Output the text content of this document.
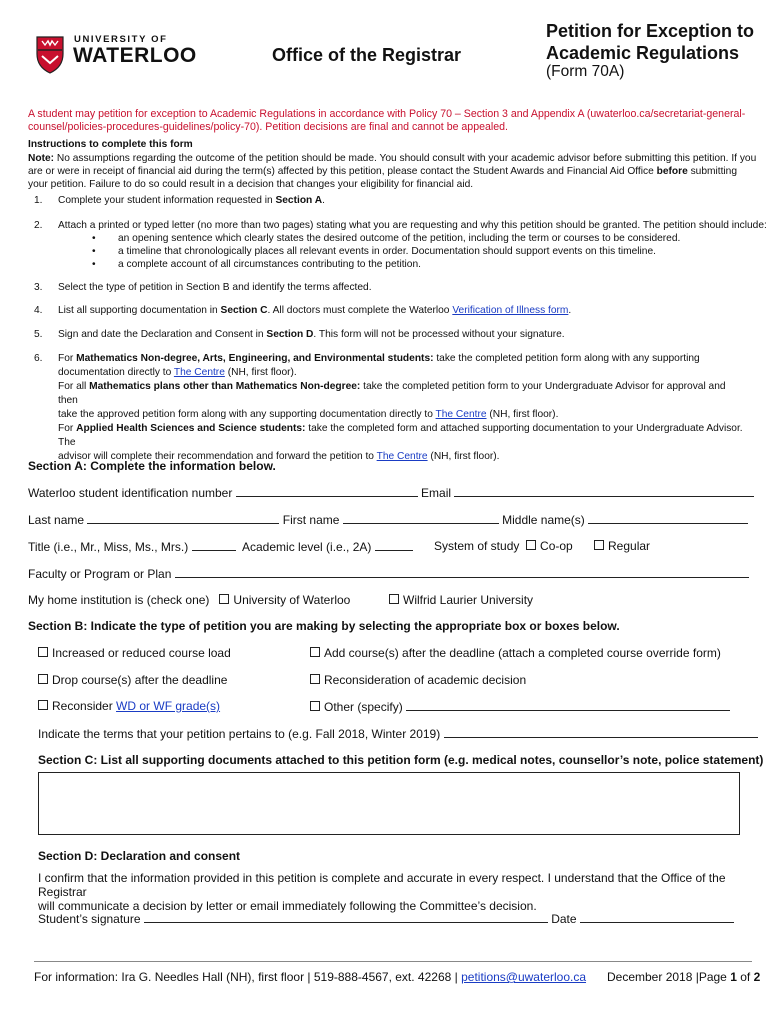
UNIVERSITY OF
WATERLOO	Office of the Registrar
Petition for Exception to
Academic Regulations
(Form 70A)
A student may petition for exception to Academic Regulations in accordance with Policy 70 – Section 3 and Appendix A (uwaterloo.ca/secretariat-general-
counsel/policies-procedures-guidelines/policy-70). Petition decisions are final and cannot be appealed.
Instructions to complete this form
Note: No assumptions regarding the outcome of the petition should be made. You should consult with your academic advisor before submitting this petition. If you
are or were in receipt of financial aid during the term(s) affected by this petition, please contact the Student Awards and Financial Aid Office before submitting
your petition. Failure to do so could result in a decision that changes your eligibility for financial aid.
1. Complete your student information requested in Section A.
2. Attach a printed or typed letter (no more than two pages) stating what you are requesting and why this petition should be granted. The petition should include:
• an opening sentence which clearly states the desired outcome of the petition, including the term or courses to be considered.
• a timeline that chronologically places all relevant events in order. Documentation should support events on this timeline.
• a complete account of all circumstances contributing to the petition.
3. Select the type of petition in Section B and identify the terms affected.
4. List all supporting documentation in Section C. All doctors must complete the Waterloo Verification of Illness form.
5. Sign and date the Declaration and Consent in Section D. This form will not be processed without your signature.
6. For Mathematics Non-degree, Arts, Engineering, and Environmental students: take the completed petition form along with any supporting
documentation directly to The Centre (NH, first floor).
For all Mathematics plans other than Mathematics Non-degree: take the completed petition form to your Undergraduate Advisor for approval and then
take the approved petition form along with any supporting documentation directly to The Centre (NH, first floor).
For Applied Health Sciences and Science students: take the completed form and attached supporting documentation to your Undergraduate Advisor. The
advisor will complete their recommendation and forward the petition to The Centre (NH, first floor).
Section A: Complete the information below.
Waterloo student identification number	Email
Last name	First name	Middle name(s)
Title (i.e., Mr., Miss, Ms., Mrs.)	Academic level (i.e., 2A)	System of study Co-op	Regular
Faculty or Program or Plan
My home institution is (check one) University of Waterloo	Wilfrid Laurier University
Section B: Indicate the type of petition you are making by selecting the appropriate box or boxes below.
Increased or reduced course load	Add course(s) after the deadline (attach a completed course override form)
Drop course(s) after the deadline	Reconsideration of academic decision
Reconsider WD or WF grade(s)	Other (specify)
Indicate the terms that your petition pertains to (e.g. Fall 2018, Winter 2019)
Section C: List all supporting documents attached to this petition form (e.g. medical notes, counsellor’s note, police statement)
Section D: Declaration and consent
I confirm that the information provided in this petition is complete and accurate in every respect. I understand that the Office of the Registrar
will communicate a decision by letter or email immediately following the Committee’s decision.
Student’s signature	Date
For information: Ira G. Needles Hall (NH), first floor | 519-888-4567, ext. 42268 | petitions@uwaterloo.ca December 2018 |Page 1 of 2
